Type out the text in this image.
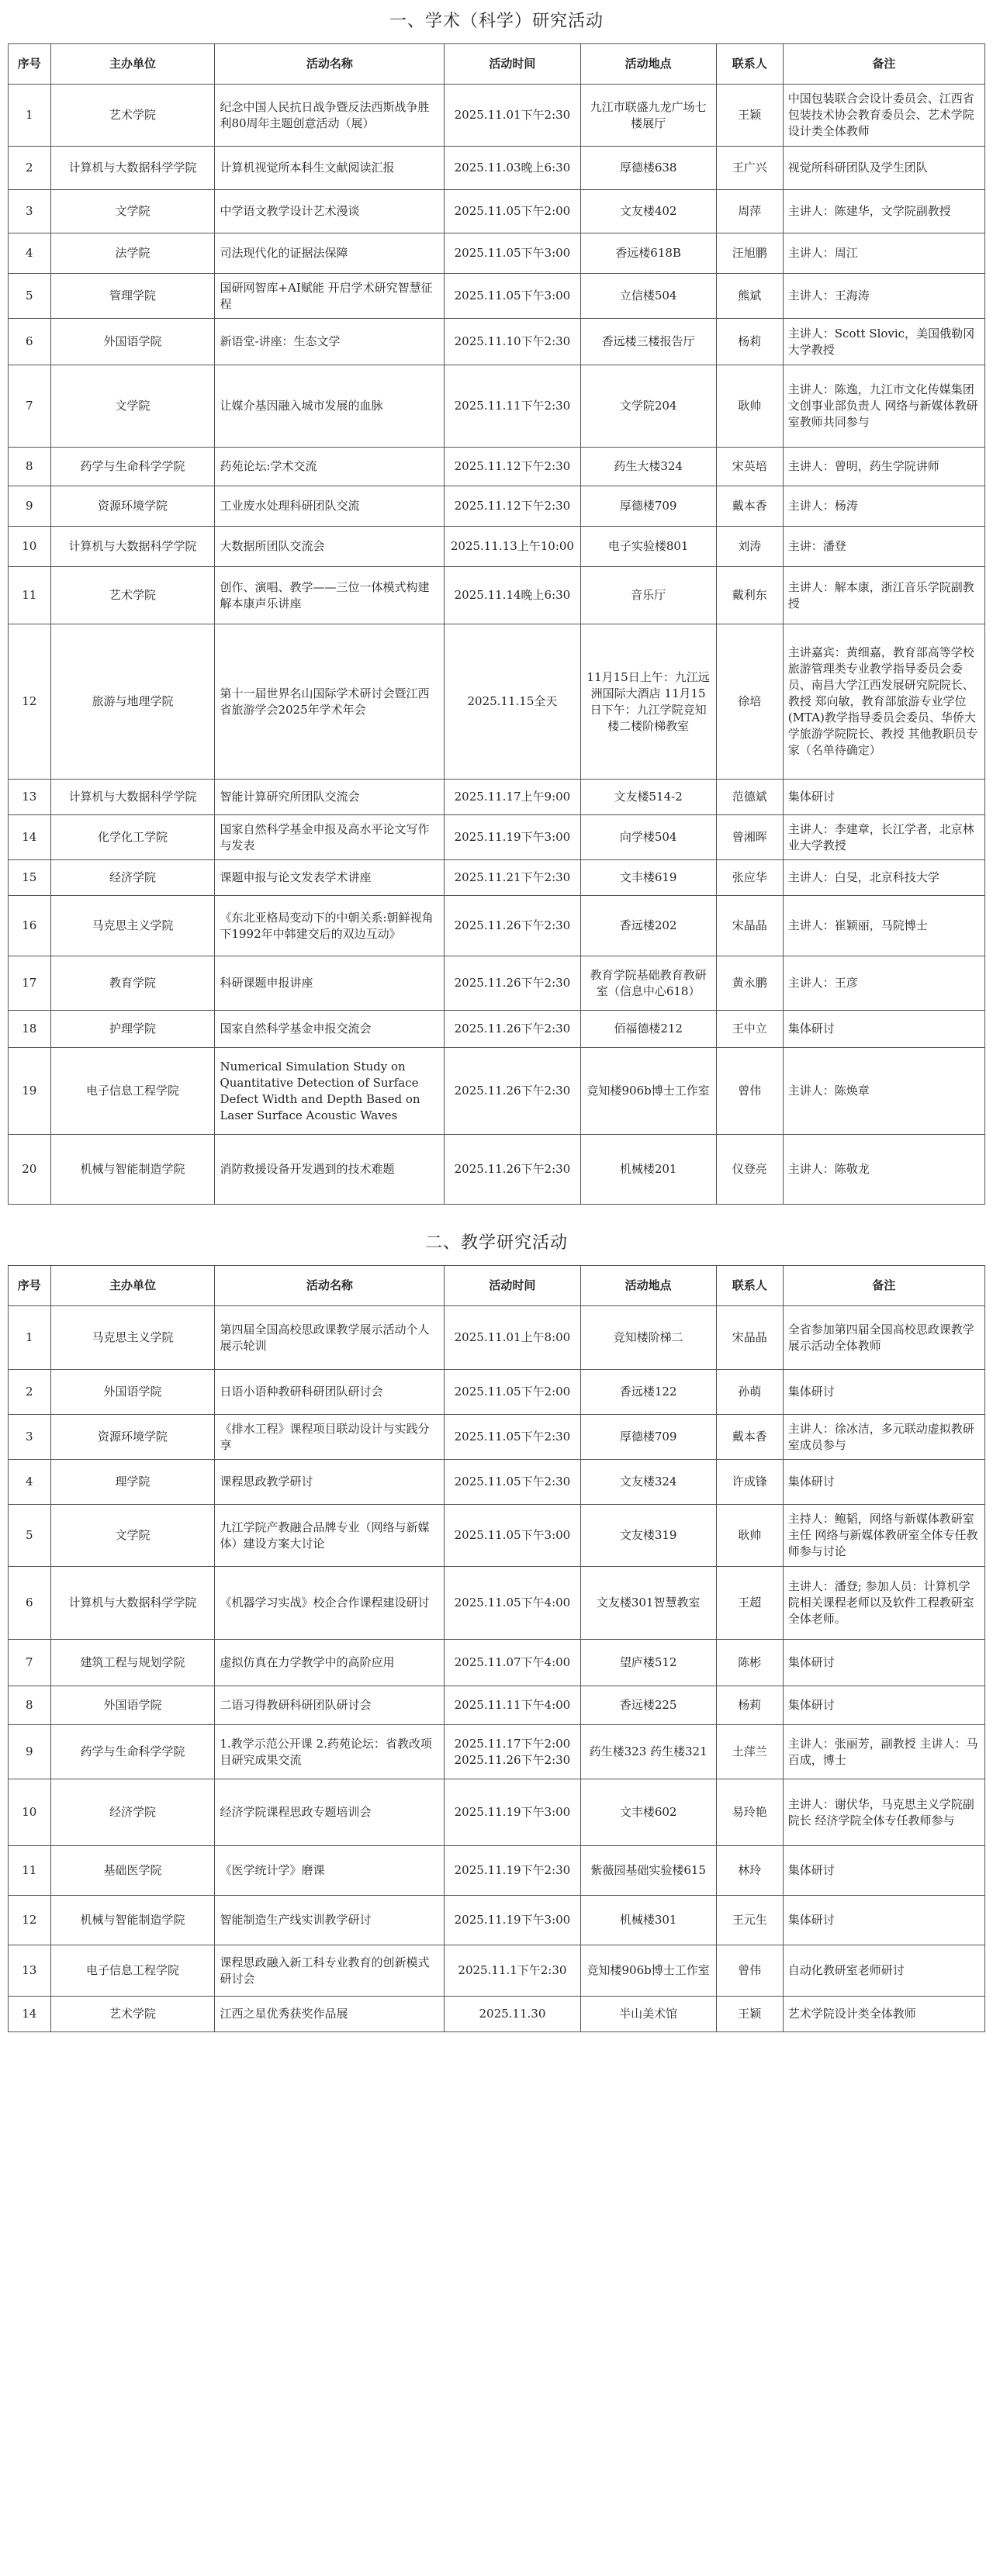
一、学术（科学）研究活动
序号	主办单位	活动名称	活动时间	活动地点	联系人	备注
1	艺术学院	纪念中国人民抗日战争暨反法西斯战争胜利80周年主题创意活动（展）	2025.11.01下午2:30	九江市联盛九龙广场七楼展厅	王颖	中国包装联合会设计委员会、江西省包装技术协会教育委员会、艺术学院设计类全体教师
2	计算机与大数据科学学院	计算机视觉所本科生文献阅读汇报	2025.11.03晚上6:30	厚德楼638	王广兴	视觉所科研团队及学生团队
3	文学院	中学语文教学设计艺术漫谈	2025.11.05下午2:00	文友楼402	周萍	主讲人：陈建华，文学院副教授
4	法学院	司法现代化的证据法保障	2025.11.05下午3:00	香远楼618B	汪旭鹏	主讲人：周江
5	管理学院	国研网智库+AI赋能 开启学术研究智慧征程	2025.11.05下午3:00	立信楼504	熊斌	主讲人：王海涛
6	外国语学院	新语堂-讲座：生态文学	2025.11.10下午2:30	香远楼三楼报告厅	杨莉	主讲人：Scott Slovic，美国俄勒冈大学教授
7	文学院	让媒介基因融入城市发展的血脉	2025.11.11下午2:30	文学院204	耿帅	主讲人：陈逸，九江市文化传媒集团文创事业部负责人 网络与新媒体教研室教师共同参与
8	药学与生命科学学院	药苑论坛:学术交流	2025.11.12下午2:30	药生大楼324	宋英培	主讲人：曾明，药生学院讲师
9	资源环境学院	工业废水处理科研团队交流	2025.11.12下午2:30	厚德楼709	戴本香	主讲人：杨涛
10	计算机与大数据科学学院	大数据所团队交流会	2025.11.13上午10:00	电子实验楼801	刘涛	主讲：潘登
11	艺术学院	创作、演唱、教学——三位一体模式构建解本康声乐讲座	2025.11.14晚上6:30	音乐厅	戴利东	主讲人：解本康，浙江音乐学院副教授
12	旅游与地理学院	第十一届世界名山国际学术研讨会暨江西省旅游学会2025年学术年会	2025.11.15全天	11月15日上午：九江远洲国际大酒店 11月15日下午：九江学院竞知楼二楼阶梯教室	徐培	主讲嘉宾：黄细嘉，教育部高等学校旅游管理类专业教学指导委员会委员、南昌大学江西发展研究院院长、教授 郑向敏，教育部旅游专业学位(MTA)教学指导委员会委员、华侨大学旅游学院院长、教授 其他教职员专家（名单待确定）
13	计算机与大数据科学学院	智能计算研究所团队交流会	2025.11.17上午9:00	文友楼514-2	范德斌	集体研讨
14	化学化工学院	国家自然科学基金申报及高水平论文写作与发表	2025.11.19下午3:00	向学楼504	曾湘晖	主讲人：李建章，长江学者，北京林业大学教授
15	经济学院	课题申报与论文发表学术讲座	2025.11.21下午2:30	文丰楼619	张应华	主讲人：白旻，北京科技大学
16	马克思主义学院	《东北亚格局变动下的中朝关系:朝鲜视角下1992年中韩建交后的双边互动》	2025.11.26下午2:30	香远楼202	宋晶晶	主讲人：崔颖丽，马院博士
17	教育学院	科研课题申报讲座	2025.11.26下午2:30	教育学院基础教育教研室（信息中心618）	黄永鹏	主讲人：王彦
18	护理学院	国家自然科学基金申报交流会	2025.11.26下午2:30	佰福德楼212	王中立	集体研讨
19	电子信息工程学院	Numerical Simulation Study on Quantitative Detection of Surface Defect Width and Depth Based on Laser Surface Acoustic Waves	2025.11.26下午2:30	竞知楼906b博士工作室	曾伟	主讲人：陈焕章
20	机械与智能制造学院	消防救援设备开发遇到的技术难题	2025.11.26下午2:30	机械楼201	仪登亮	主讲人：陈敬龙
二、教学研究活动
序号	主办单位	活动名称	活动时间	活动地点	联系人	备注
1	马克思主义学院	第四届全国高校思政课教学展示活动个人展示轮训	2025.11.01上午8:00	竞知楼阶梯二	宋晶晶	全省参加第四届全国高校思政课教学展示活动全体教师
2	外国语学院	日语小语种教研科研团队研讨会	2025.11.05下午2:00	香远楼122	孙萌	集体研讨
3	资源环境学院	《排水工程》课程项目联动设计与实践分享	2025.11.05下午2:30	厚德楼709	戴本香	主讲人：徐冰洁，多元联动虚拟教研室成员参与
4	理学院	课程思政教学研讨	2025.11.05下午2:30	文友楼324	许成锋	集体研讨
5	文学院	九江学院产教融合品牌专业（网络与新媒体）建设方案大讨论	2025.11.05下午3:00	文友楼319	耿帅	主持人：鲍韬，网络与新媒体教研室主任 网络与新媒体教研室全体专任教师参与讨论
6	计算机与大数据科学学院	《机器学习实战》校企合作课程建设研讨	2025.11.05下午4:00	文友楼301智慧教室	王超	主讲人：潘登; 参加人员：计算机学院相关课程老师以及软件工程教研室全体老师。
7	建筑工程与规划学院	虚拟仿真在力学教学中的高阶应用	2025.11.07下午4:00	望庐楼512	陈彬	集体研讨
8	外国语学院	二语习得教研科研团队研讨会	2025.11.11下午4:00	香远楼225	杨莉	集体研讨
9	药学与生命科学学院	1.教学示范公开课 2.药苑论坛：省教改项目研究成果交流	2025.11.17下午2:00 2025.11.26下午2:30	药生楼323 药生楼321	土萍兰	主讲人：张丽芳，副教授 主讲人：马百成，博士
10	经济学院	经济学院课程思政专题培训会	2025.11.19下午3:00	文丰楼602	易玲艳	主讲人：谢伏华，马克思主义学院副院长 经济学院全体专任教师参与
11	基础医学院	《医学统计学》磨课	2025.11.19下午2:30	紫薇园基础实验楼615	林玲	集体研讨
12	机械与智能制造学院	智能制造生产线实训教学研讨	2025.11.19下午3:00	机械楼301	王元生	集体研讨
13	电子信息工程学院	课程思政融入新工科专业教育的创新模式研讨会	2025.11.1下午2:30	竞知楼906b博士工作室	曾伟	自动化教研室老师研讨
14	艺术学院	江西之星优秀获奖作品展	2025.11.30	半山美术馆	王颖	艺术学院设计类全体教师
